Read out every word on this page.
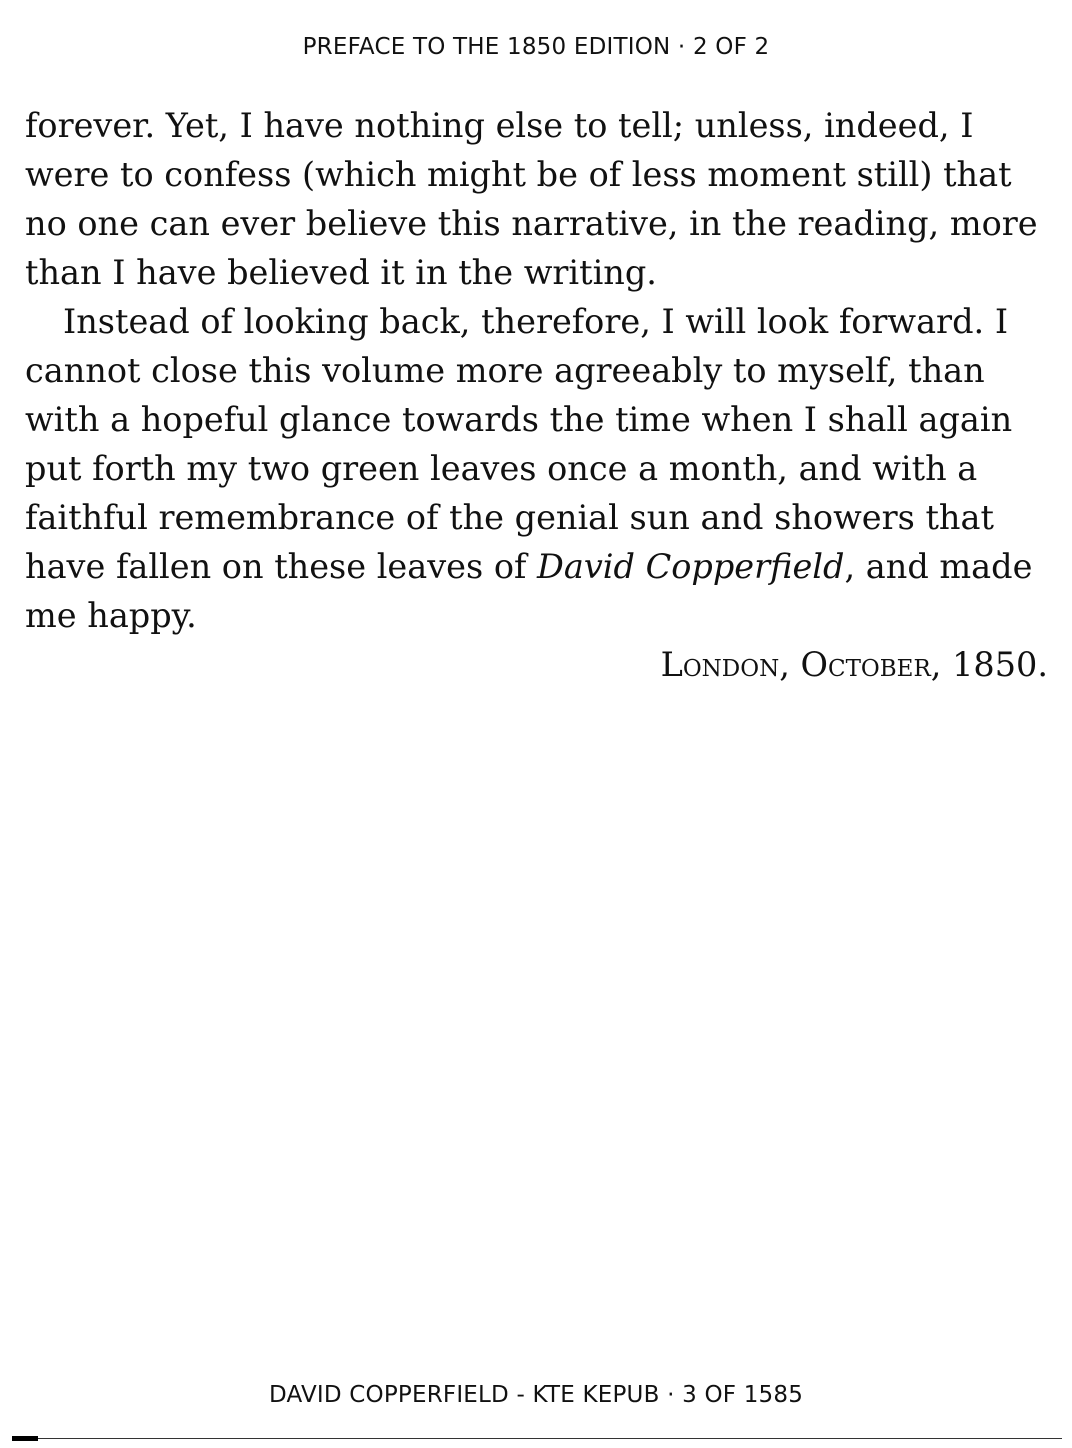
PREFACE TO THE 1850 EDITION · 2 OF 2

forever. Yet, I have nothing else to tell; unless, indeed, I were to confess (which might be of less moment still) that no one can ever believe this narrative, in the reading, more than I have believed it in the writing.

Instead of looking back, therefore, I will look forward. I cannot close this volume more agreeably to myself, than with a hopeful glance towards the time when I shall again put forth my two green leaves once a month, and with a faithful remembrance of the genial sun and showers that have fallen on these leaves of David Copperfield, and made me happy.

London, October, 1850.

DAVID COPPERFIELD - KTE KEPUB · 3 OF 1585
